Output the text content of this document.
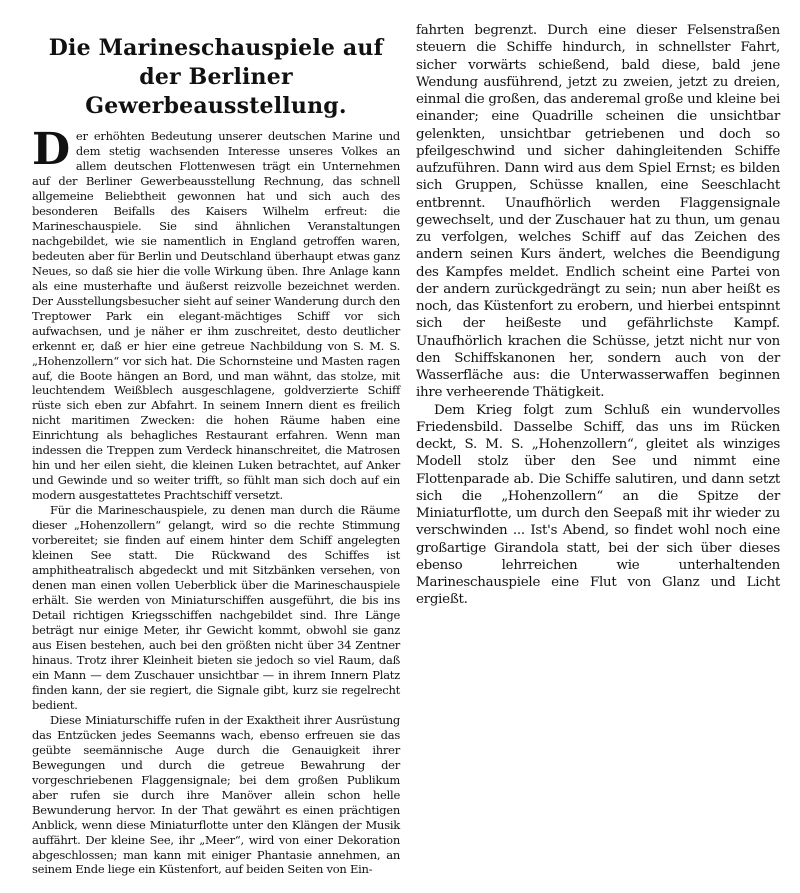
Die Marineschauspiele auf der Berliner
Gewerbeausstellung.

Der erhöhten Bedeutung unserer deutschen Marine und dem stetig wachsenden Interesse unseres Volkes an allem deutschen Flottenwesen trägt ein Unternehmen auf der Berliner Gewerbeausstellung Rechnung, das schnell allgemeine Beliebtheit gewonnen hat und sich auch des besonderen Beifalls des Kaisers Wilhelm erfreut: die Marineschauspiele. Sie sind ähnlichen Veranstaltungen nachgebildet, wie sie namentlich in England getroffen waren, bedeuten aber für Berlin und Deutschland überhaupt etwas ganz Neues, so daß sie hier die volle Wirkung üben. Ihre Anlage kann als eine musterhafte und äußerst reizvolle bezeichnet werden. Der Ausstellungsbesucher sieht auf seiner Wanderung durch den Treptower Park ein elegant-mächtiges Schiff vor sich aufwachsen, und je näher er ihm zuschreitet, desto deutlicher erkennt er, daß er hier eine getreue Nachbildung von S. M. S. „Hohenzollern“ vor sich hat. Die Schornsteine und Masten ragen auf, die Boote hängen an Bord, und man wähnt, das stolze, mit leuchtendem Weißblech ausgeschlagene, goldverzierte Schiff rüste sich eben zur Abfahrt. In seinem Innern dient es freilich nicht maritimen Zwecken: die hohen Räume haben eine Einrichtung als behagliches Restaurant erfahren. Wenn man indessen die Treppen zum Verdeck hinanschreitet, die Matrosen hin und her eilen sieht, die kleinen Luken betrachtet, auf Anker und Gewinde und so weiter trifft, so fühlt man sich doch auf ein modern ausgestattetes Prachtschiff versetzt.

Für die Marineschauspiele, zu denen man durch die Räume dieser „Hohenzollern“ gelangt, wird so die rechte Stimmung vorbereitet; sie finden auf einem hinter dem Schiff angelegten kleinen See statt. Die Rückwand des Schiffes ist amphitheatralisch abgedeckt und mit Sitzbänken versehen, von denen man einen vollen Ueberblick über die Marineschauspiele erhält. Sie werden von Miniaturschiffen ausgeführt, die bis ins Detail richtigen Kriegsschiffen nachgebildet sind. Ihre Länge beträgt nur einige Meter, ihr Gewicht kommt, obwohl sie ganz aus Eisen bestehen, auch bei den größten nicht über 34 Zentner hinaus. Trotz ihrer Kleinheit bieten sie jedoch so viel Raum, daß ein Mann — dem Zuschauer unsichtbar — in ihrem Innern Platz finden kann, der sie regiert, die Signale gibt, kurz sie regelrecht bedient.

Diese Miniaturschiffe rufen in der Exaktheit ihrer Ausrüstung das Entzücken jedes Seemanns wach, ebenso erfreuen sie das geübte seemännische Auge durch die Genauigkeit ihrer Bewegungen und durch die getreue Bewahrung der vorgeschriebenen Flaggensignale; bei dem großen Publikum aber rufen sie durch ihre Manöver allein schon helle Bewunderung hervor. In der That gewährt es einen prächtigen Anblick, wenn diese Miniaturflotte unter den Klängen der Musik auffährt. Der kleine See, ihr „Meer“, wird von einer Dekoration abgeschlossen; man kann mit einiger Phantasie annehmen, an seinem Ende liege ein Küstenfort, auf beiden Seiten von Ein-

fahrten begrenzt. Durch eine dieser Felsenstraßen steuern die Schiffe hindurch, in schnellster Fahrt, sicher vorwärts schießend, bald diese, bald jene Wendung ausführend, jetzt zu zweien, jetzt zu dreien, einmal die großen, das anderemal große und kleine bei einander; eine Quadrille scheinen die unsichtbar gelenkten, unsichtbar getriebenen und doch so pfeilgeschwind und sicher dahingleitenden Schiffe aufzuführen. Dann wird aus dem Spiel Ernst; es bilden sich Gruppen, Schüsse knallen, eine Seeschlacht entbrennt. Unaufhörlich werden Flaggensignale gewechselt, und der Zuschauer hat zu thun, um genau zu verfolgen, welches Schiff auf das Zeichen des andern seinen Kurs ändert, welches die Beendigung des Kampfes meldet. Endlich scheint eine Partei von der andern zurückgedrängt zu sein; nun aber heißt es noch, das Küstenfort zu erobern, und hierbei entspinnt sich der heißeste und gefährlichste Kampf. Unaufhörlich krachen die Schüsse, jetzt nicht nur von den Schiffskanonen her, sondern auch von der Wasserfläche aus: die Unterwasserwaffen beginnen ihre verheerende Thätigkeit.

Dem Krieg folgt zum Schluß ein wundervolles Friedensbild. Dasselbe Schiff, das uns im Rücken deckt, S. M. S. „Hohenzollern“, gleitet als winziges Modell stolz über den See und nimmt eine Flottenparade ab. Die Schiffe salutiren, und dann setzt sich die „Hohenzollern“ an die Spitze der Miniaturflotte, um durch den Seepaß mit ihr wieder zu verschwinden ... Ist's Abend, so findet wohl noch eine großartige Girandola statt, bei der sich über dieses ebenso lehrreichen wie unterhaltenden Marineschauspiele eine Flut von Glanz und Licht ergießt.
